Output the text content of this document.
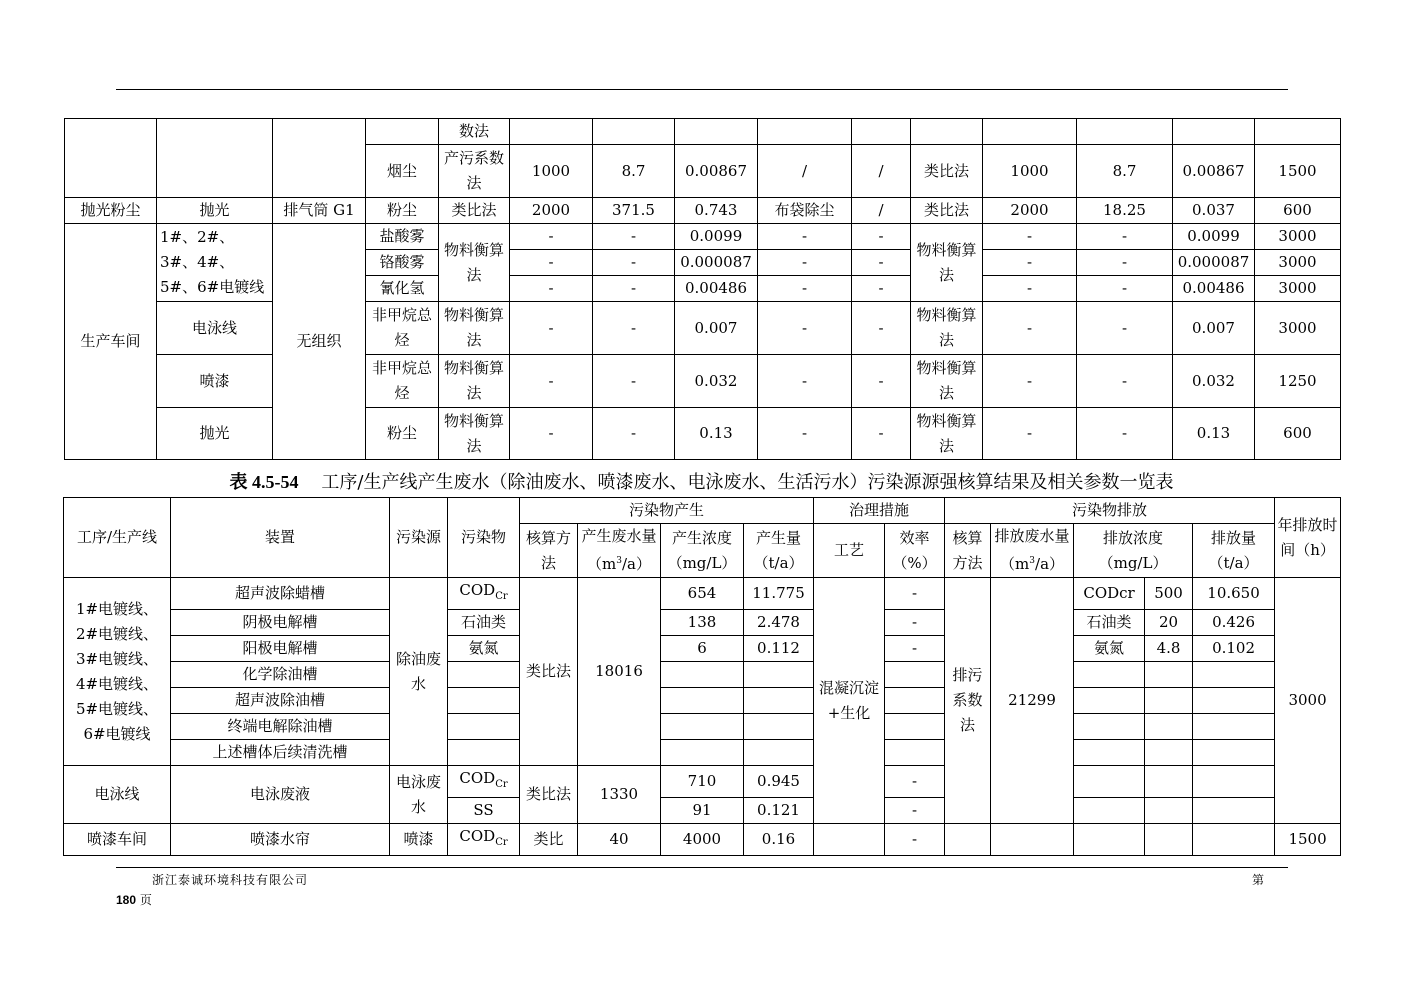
				数法										
			烟尘	产污系数法	1000	8.7	0.00867	/	/	类比法	1000	8.7	0.00867	1500
抛光粉尘	抛光	排气筒 G1	粉尘	类比法	2000	371.5	0.743	布袋除尘	/	类比法	2000	18.25	0.037	600
生产车间	1#、2#、3#、4#、5#、6#电镀线	无组织	盐酸雾	物料衡算法	-	-	0.0099	-	-	物料衡算法	-	-	0.0099	3000
			铬酸雾		-	-	0.000087	-	-		-	-	0.000087	3000
			氰化氢		-	-	0.00486	-	-		-	-	0.00486	3000
	电泳线		非甲烷总烃	物料衡算法	-	-	0.007	-	-	物料衡算法	-	-	0.007	3000
	喷漆		非甲烷总烃	物料衡算法	-	-	0.032	-	-	物料衡算法	-	-	0.032	1250
	抛光		粉尘	物料衡算法	-	-	0.13	-	-	物料衡算法	-	-	0.13	600
表 4.5-54 工序/生产线产生废水（除油废水、喷漆废水、电泳废水、生活污水）污染源源强核算结果及相关参数一览表
工序/生产线	装置	污染源	污染物	污染物产生				治理措施		污染物排放					年排放时间（h）
				核算方法	产生废水量$(m^3/a)$	产生浓度（mg/L）	产生量（t/a）	工艺	效率（%）	核算方法	排放废水量$(m^3/a)$	排放浓度（mg/L）		排放量（t/a）	

1#电镀线、2#电镀线、3#电镀线、4#电镀线、5#电镀线、6#电镀线	超声波除蜡槽	除油废水	$COD_{Cr}$	类比法	18016	654	11.775	混凝沉淀+生化	-	排污系数法	21299	CODcr	500	10.650	3000
	阴极电解槽		石油类			138	2.478		-			石油类	20	0.426	
	阳极电解槽		氨氮			6	0.112		-			氨氮	4.8	0.102	
	化学除油槽														
	超声波除油槽														
	终端电解除油槽														
	上述槽体后续清洗槽														
电泳线	电泳废液	电泳废水	$COD_{Cr}$	类比法	1330	710	0.945		-						
			SS			91	0.121		-						
喷漆车间	喷漆水帘	喷漆	$COD_{Cr}$	类比	40	4000	0.16		-						1500
浙江泰诚环境科技有限公司	第
180 页
